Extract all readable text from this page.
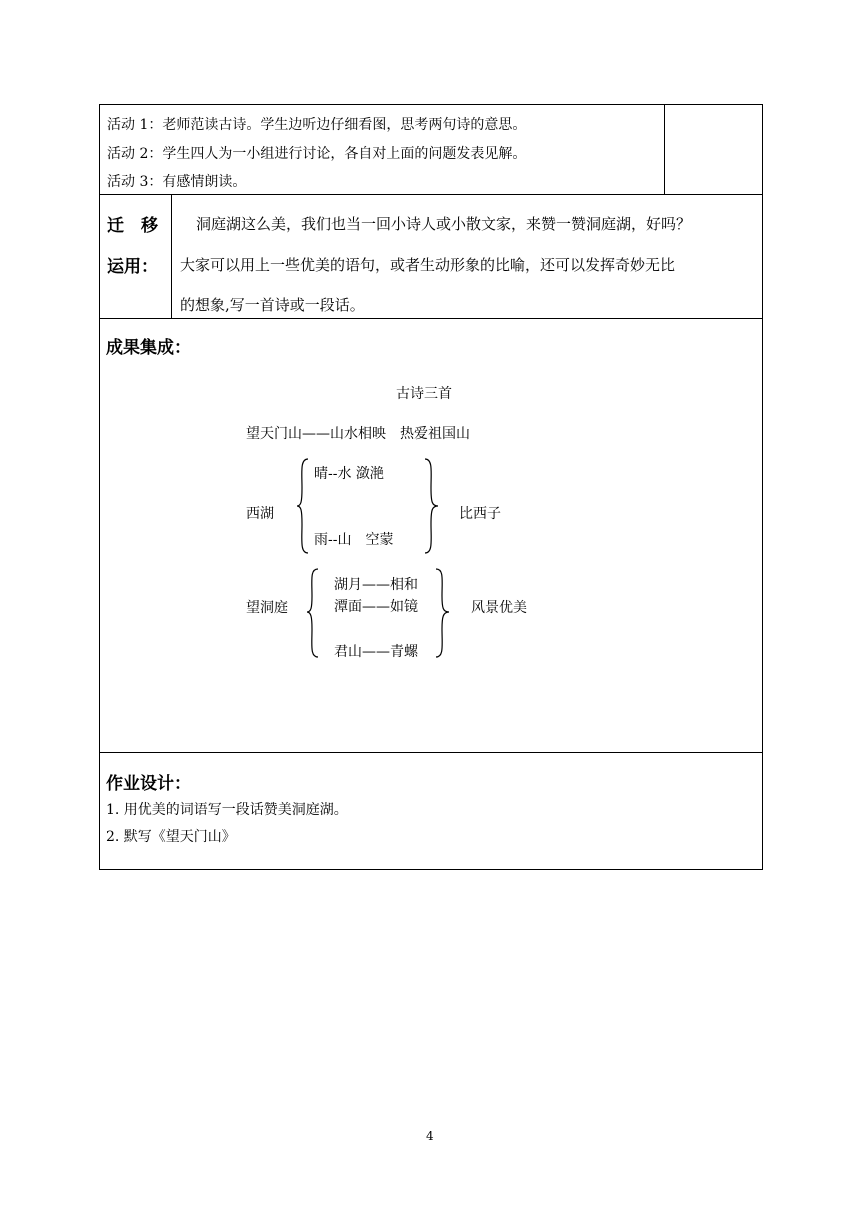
活动 1：老师范读古诗。学生边听边仔细看图，思考两句诗的意思。
活动 2：学生四人为一小组进行讨论，各自对上面的问题发表见解。
活动 3：有感情朗读。
迁　移
运用：
洞庭湖这么美，我们也当一回小诗人或小散文家，来赞一赞洞庭湖，好吗？
大家可以用上一些优美的语句，或者生动形象的比喻，还可以发挥奇妙无比
的想象,写一首诗或一段话。
成果集成：
古诗三首
望天门山——山水相映　热爱祖国山
西湖
晴--水 潋滟
雨--山　空蒙
比西子
望洞庭
湖月——相和
潭面——如镜
君山——青螺
风景优美
作业设计：
1. 用优美的词语写一段话赞美洞庭湖。
2. 默写《望天门山》
4
